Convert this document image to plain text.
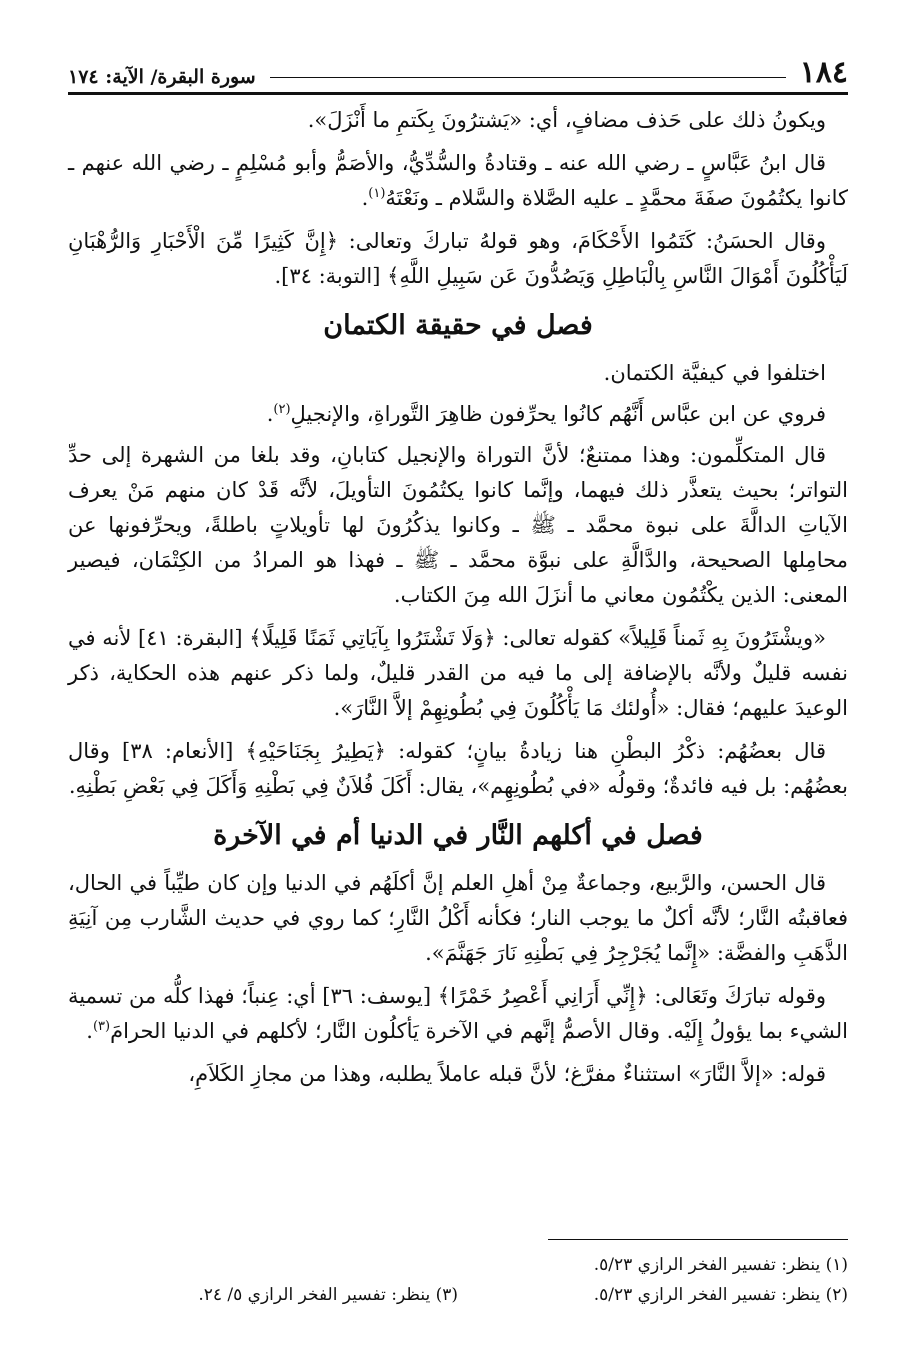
١٨٤
سورة البقرة/ الآية: ١٧٤

ويكونُ ذلك على حَذف مضافٍ، أي: «يَشترُونَ بِكَتمِ ما أَنْزَلَ».

قال ابنُ عَبَّاسٍ ـ رضي الله عنه ـ وقتادةُ والسُّدِّيُّ، والأصَمُّ وأبو مُسْلِمٍ ـ رضي الله عنهم ـ كانوا يكتُمُونَ صفَةَ محمَّدٍ ـ عليه الصَّلاة والسَّلام ـ ونَعْتَهُ$^{(١)}$.

وقال الحسَنُ: كَتَمُوا الأَحْكَامَ، وهو قولهُ تباركَ وتعالى: ﴿إِنَّ كَثِيرًا مِّنَ الْأَحْبَارِ وَالرُّهْبَانِ لَيَأْكُلُونَ أَمْوَالَ النَّاسِ بِالْبَاطِلِ وَيَصُدُّونَ عَن سَبِيلِ اللَّهِ﴾ [التوبة: ٣٤].

فصل في حقيقة الكتمان

اختلفوا في كيفيَّة الكتمان.

فروي عن ابن عبَّاس أَنَّهُم كانُوا يحرِّفون ظاهِرَ التَّوراةِ، والإنجيلِ$^{(٢)}$.

قال المتكلِّمون: وهذا ممتنعٌ؛ لأنَّ التوراة والإنجيل كتابانِ، وقد بلغا من الشهرة إلى حدِّ التواتر؛ بحيث يتعذَّر ذلك فيهما، وإنَّما كانوا يكتُمُونَ التأويلَ، لأنَّه قَدْ كان منهم مَنْ يعرف الآياتِ الدالَّةَ على نبوة محمَّد ـ ﷺ ـ وكانوا يذكُرُونَ لها تأويلاتٍ باطلةً، ويحرِّفونها عن محامِلها الصحيحة، والدَّالَّةِ على نبوَّة محمَّد ـ ﷺ ـ فهذا هو المرادُ من الكِتْمَان، فيصير المعنى: الذين يكْتُمُون معاني ما أنزَلَ الله مِنَ الكتاب.

«ويشْتَرُونَ بِهِ ثَمناً قَلِيلاً» كقوله تعالى: ﴿وَلَا تَشْتَرُوا بِآيَاتِي ثَمَنًا قَلِيلًا﴾ [البقرة: ٤١] لأنه في نفسه قليلٌ ولأنَّه بالإضافة إلى ما فيه من القدر قليلٌ، ولما ذكر عنهم هذه الحكاية، ذكر الوعيدَ عليهم؛ فقال: «أُولئك مَا يَأْكُلُونَ فِي بُطُونِهِمْ إلاَّ النَّارَ».

قال بعضُهُم: ذكْرُ البطْنِ هنا زيادةُ بيانٍ؛ كقوله: ﴿يَطِيرُ بِجَنَاحَيْهِ﴾ [الأنعام: ٣٨] وقال بعضُهُم: بل فيه فائدةٌ؛ وقولُه «في بُطُونِهِم»، يقال: أَكَلَ فُلاَنٌ فِي بَطْنِهِ وَأَكَلَ فِي بَعْضِ بَطْنِهِ.

فصل في أكلهم النَّار في الدنيا أم في الآخرة

قال الحسن، والرَّبيع، وجماعةٌ مِنْ أهلِ العلم إنَّ أكلَهُم في الدنيا وإن كان طيِّباً في الحال، فعاقبتُه النَّار؛ لأنَّه أكلٌ ما يوجب النار؛ فكأنه أَكْلُ النَّارِ؛ كما روي في حديث الشَّارب مِن آنِيَةِ الذَّهَبِ والفضَّة: «إِنَّما يُجَرْجِرُ فِي بَطْنِهِ نَارَ جَهَنَّمَ».

وقوله تبارَكَ وتَعَالى: ﴿إِنِّي أَرَانِي أَعْصِرُ خَمْرًا﴾ [يوسف: ٣٦] أي: عِنباً؛ فهذا كلُّه من تسمية الشيء بما يؤولُ إِلَيْه. وقال الأصمُّ إنَّهم في الآخرة يَأكلُون النَّار؛ لأكلهم في الدنيا الحرامَ$^{(٣)}$.

قوله: «إلاَّ النَّارَ» استثناءٌ مفرَّغ؛ لأنَّ قبله عاملاً يطلبه، وهذا من مجازِ الكَلاَمِ،

(١) ينظر: تفسير الفخر الرازي ٥/٢٣.
(٢) ينظر: تفسير الفخر الرازي ٥/٢٣.
(٣) ينظر: تفسير الفخر الرازي ٥/ ٢٤.
